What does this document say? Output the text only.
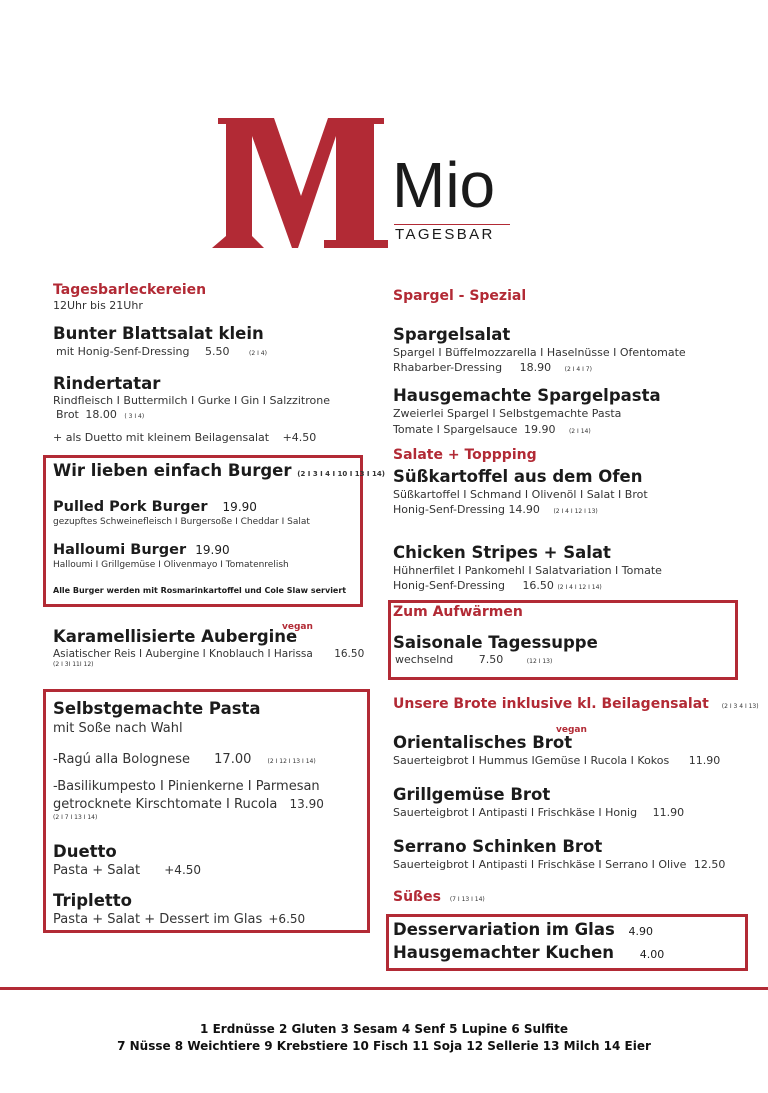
Mio
TAGESBAR
Tagesbarleckereien
12Uhr bis 21Uhr
Bunter Blattsalat klein
mit Honig-Senf-Dressing 5.50	(2 I 4)
Rindertatar
Rindfleisch I Buttermilch I Gurke I Gin I Salzzitrone
Brot 18.00 ( 3 I 4)
+ als Duetto mit kleinem Beilagensalat +4.50
Wir lieben einfach Burger (2 I 3 I 4 I 10 I 13 I 14)
Pulled Pork Burger 19.90
gezupftes Schweinefleisch I Burgersoße I Cheddar I Salat
Halloumi Burger 19.90
Halloumi I Grillgemüse I Olivenmayo I Tomatenrelish
Alle Burger werden mit Rosmarinkartoffel und Cole Slaw serviert
Karamellisierte Aubergine
vegan
Asiatischer Reis I Aubergine I Knoblauch I Harissa 16.50
(2 I 3I 11I 12)
Selbstgemachte Pasta
mit Soße nach Wahl
-Ragú alla Bolognese 17.00	(2 I 12 I 13 I 14)
-Basilikumpesto I Pinienkerne I Parmesan
getrocknete Kirschtomate I Rucola 13.90
(2 I 7 I 13 I 14)
Duetto
Pasta + Salat +4.50
Tripletto
Pasta + Salat + Dessert im Glas +6.50
Spargel - Spezial
Spargelsalat
Spargel I Büffelmozzarella I Haselnüsse I Ofentomate
Rhabarber-Dressing 18.90 (2 I 4 I 7)
Hausgemachte Spargelpasta
Zweierlei Spargel I Selbstgemachte Pasta
Tomate I Spargelsauce 19.90 (2 I 14)
Salate + Toppping
Süßkartoffel aus dem Ofen
Süßkartoffel I Schmand I Olivenöl I Salat I Brot
Honig-Senf-Dressing 14.90 (2 I 4 I 12 I 13)
Chicken Stripes + Salat
Hühnerfilet I Pankomehl I Salatvariation I Tomate
Honig-Senf-Dressing 16.50 (2 I 4 I 12 I 14)
Zum Aufwärmen
Saisonale Tagessuppe
wechselnd 7.50	(12 I 13)
Unsere Brote inklusive kl. Beilagensalat (2 I 3 4 I 13)
Orientalisches Brot
vegan
Sauerteigbrot I Hummus IGemüse I Rucola I Kokos 11.90
Grillgemüse Brot
Sauerteigbrot I Antipasti I Frischkäse I Honig 11.90
Serrano Schinken Brot
Sauerteigbrot I Antipasti I Frischkäse I Serrano I Olive 12.50
Süßes (7 I 13 I 14)
Desservariation im Glas 4.90
Hausgemachter Kuchen 4.00
1 Erdnüsse 2 Gluten 3 Sesam 4 Senf 5 Lupine 6 Sulfite
7 Nüsse 8 Weichtiere 9 Krebstiere 10 Fisch 11 Soja 12 Sellerie 13 Milch 14 Eier
